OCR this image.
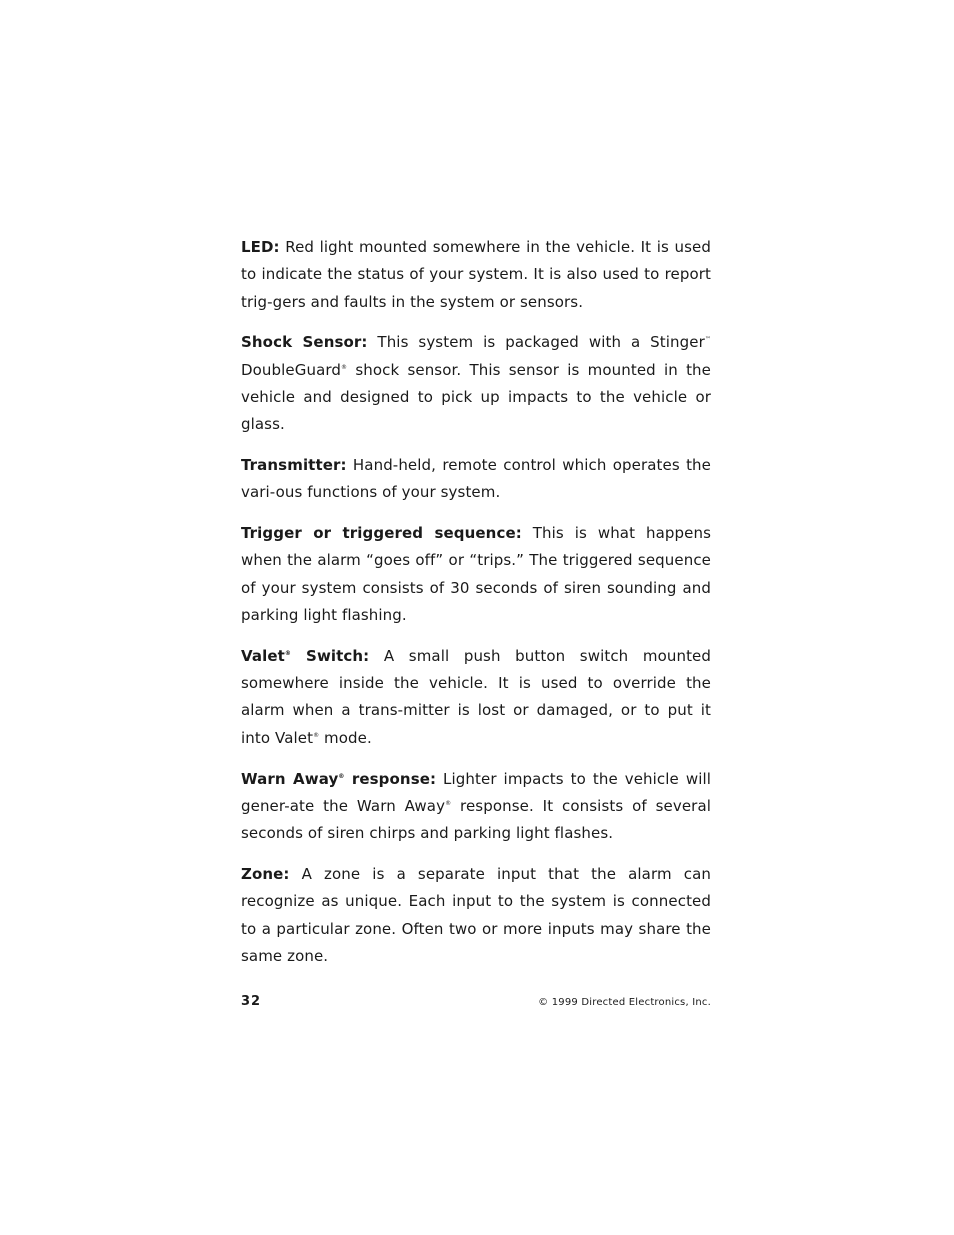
LED: Red light mounted somewhere in the vehicle. It is used to indicate the status of your system. It is also used to report trig-gers and faults in the system or sensors.

Shock Sensor: This system is packaged with a Stinger™ DoubleGuard® shock sensor. This sensor is mounted in the vehicle and designed to pick up impacts to the vehicle or glass.

Transmitter: Hand-held, remote control which operates the vari-ous functions of your system.

Trigger or triggered sequence: This is what happens when the alarm “goes off” or “trips.” The triggered sequence of your system consists of 30 seconds of siren sounding and parking light flashing.

Valet® Switch: A small push button switch mounted somewhere inside the vehicle. It is used to override the alarm when a trans-mitter is lost or damaged, or to put it into Valet® mode.

Warn Away® response: Lighter impacts to the vehicle will gener-ate the Warn Away® response. It consists of several seconds of siren chirps and parking light flashes.

Zone: A zone is a separate input that the alarm can recognize as unique. Each input to the system is connected to a particular zone. Often two or more inputs may share the same zone.

32	© 1999 Directed Electronics, Inc.
